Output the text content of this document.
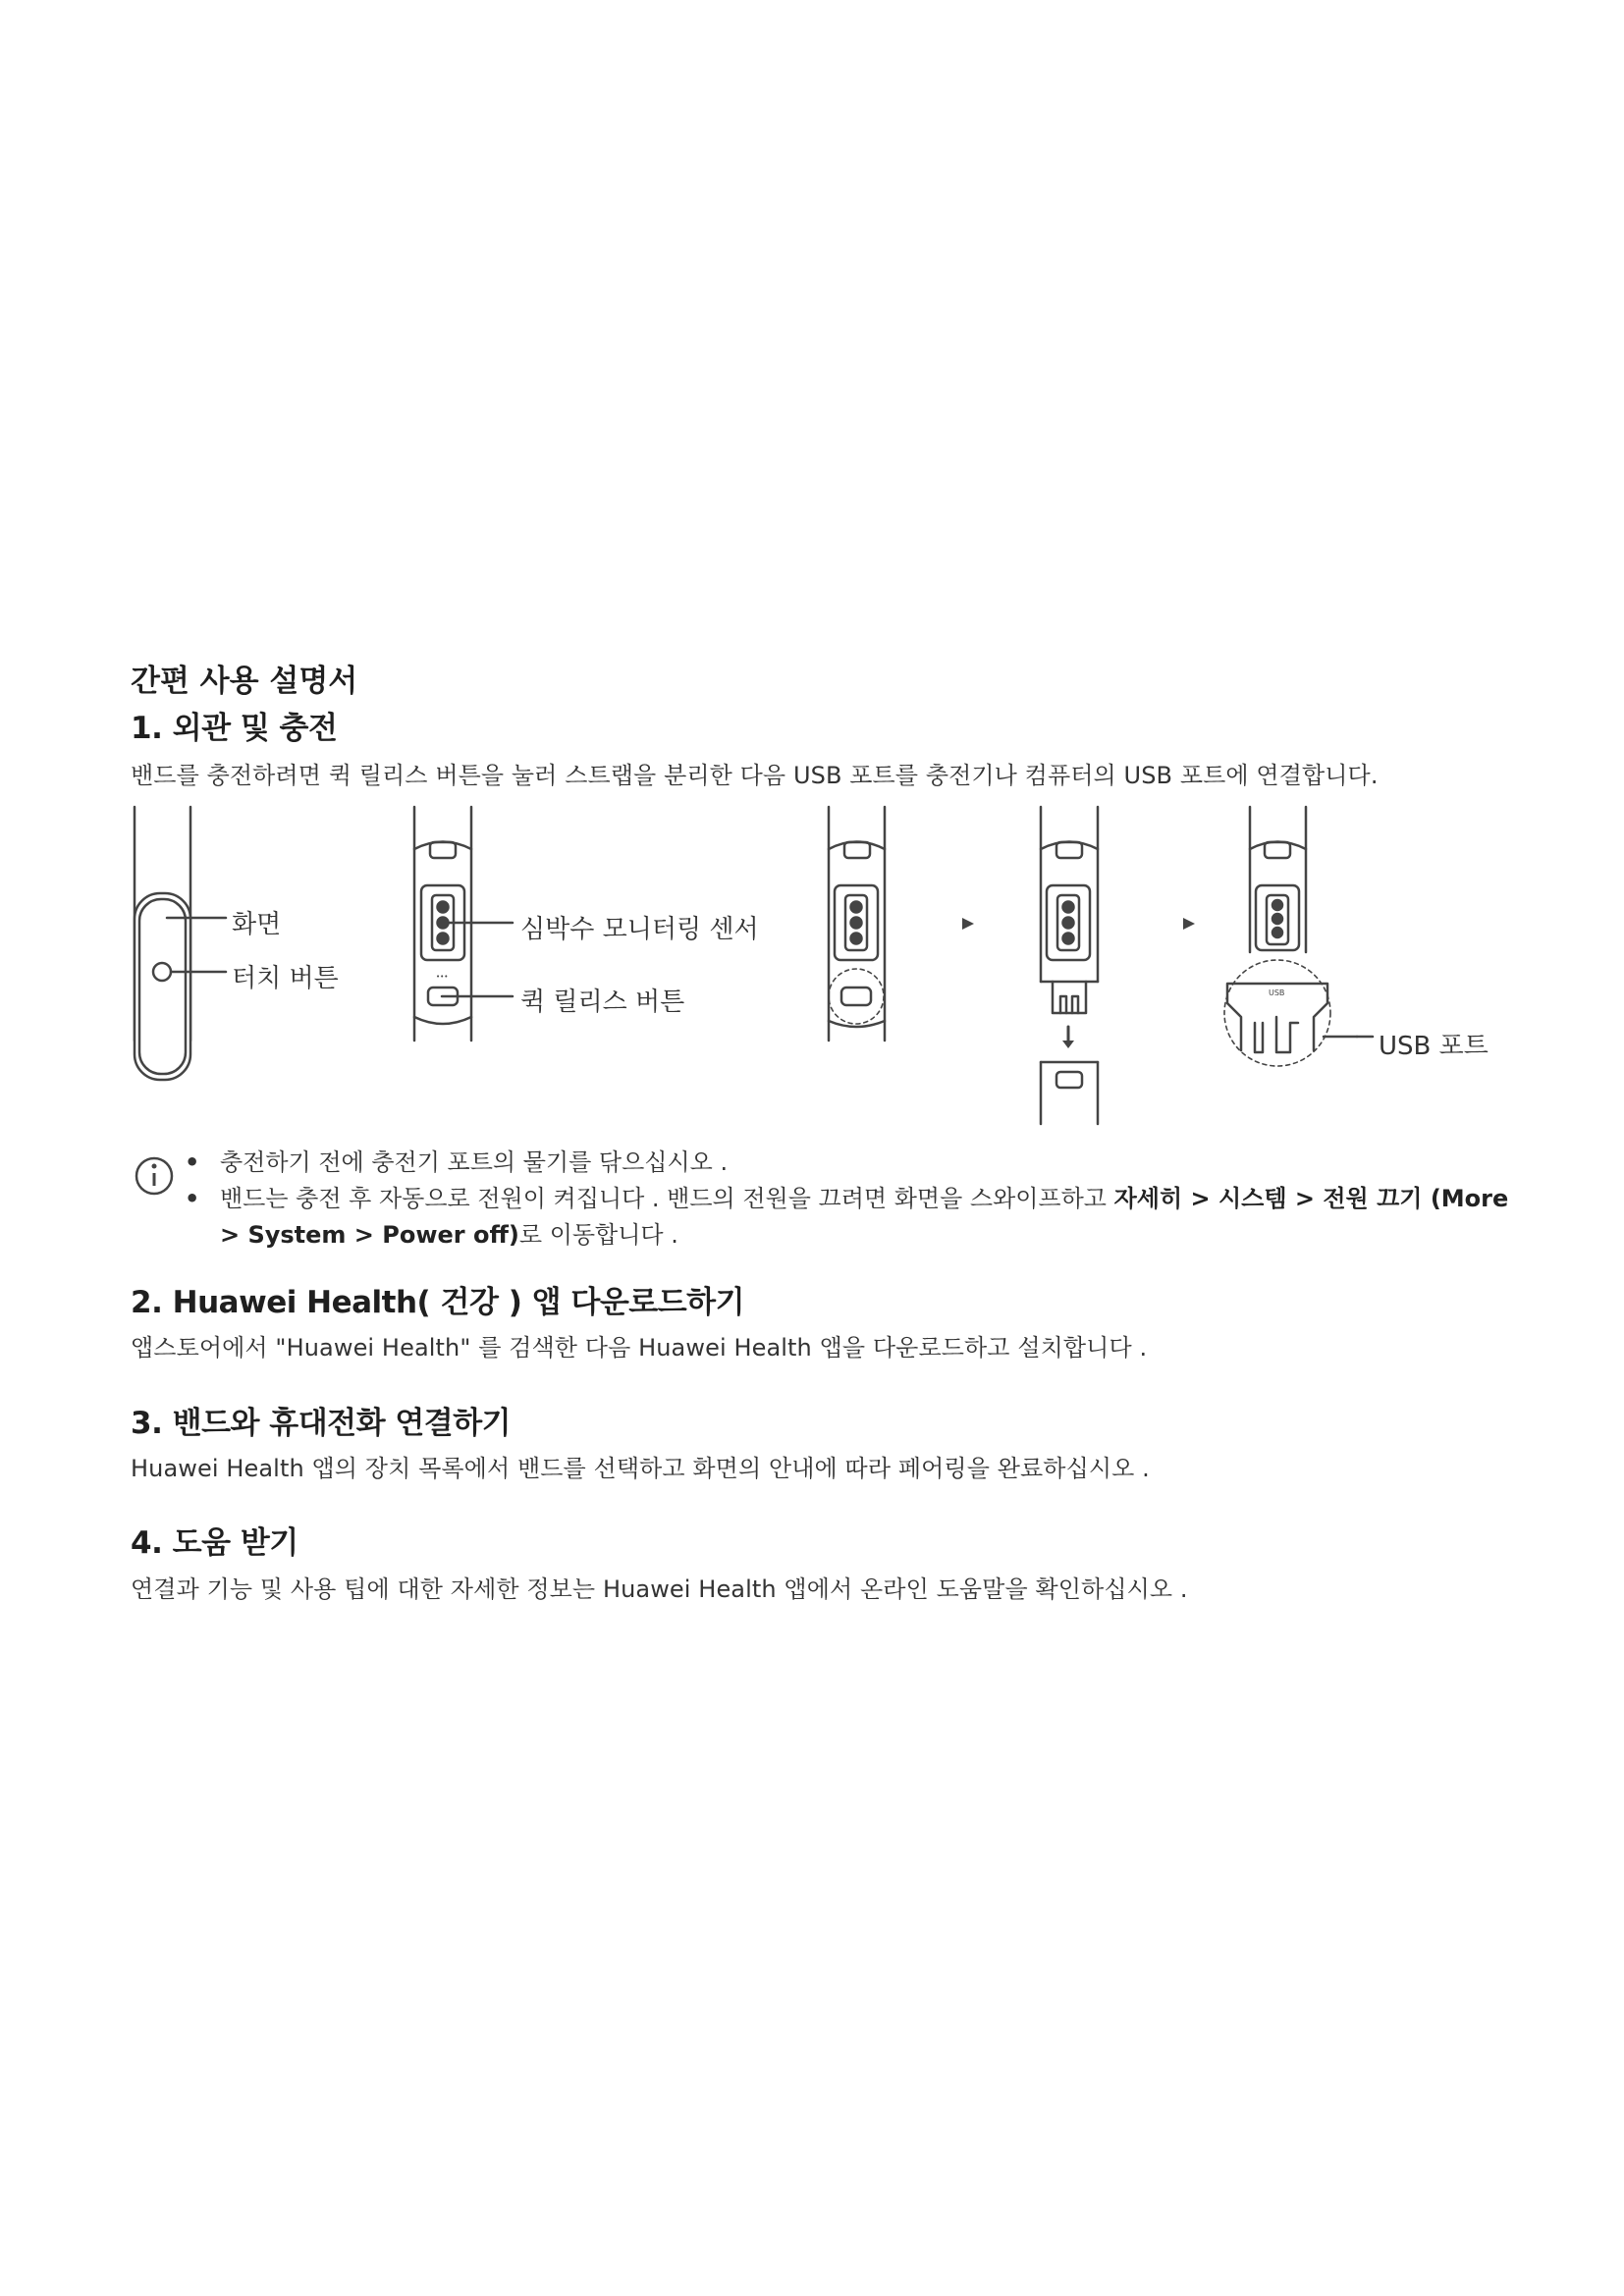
간편 사용 설명서
1. 외관 및 충전
밴드를 충전하려면 퀵 릴리스 버튼을 눌러 스트랩을 분리한 다음 USB 포트를 충전기나 컴퓨터의 USB 포트에 연결합니다.
•••
USB
화면
터치 버튼
심박수 모니터링 센서
퀵 릴리스 버튼
USB 포트
• 충전하기 전에 충전기 포트의 물기를 닦으십시오 .
• 밴드는 충전 후 자동으로 전원이 켜집니다 . 밴드의 전원을 끄려면 화면을 스와이프하고 자세히 > 시스템 > 전원 끄기 (More > System > Power off)로 이동합니다 .
2. Huawei Health( 건강 ) 앱 다운로드하기
앱스토어에서 "Huawei Health" 를 검색한 다음 Huawei Health 앱을 다운로드하고 설치합니다 .
3. 밴드와 휴대전화 연결하기
Huawei Health 앱의 장치 목록에서 밴드를 선택하고 화면의 안내에 따라 페어링을 완료하십시오 .
4. 도움 받기
연결과 기능 및 사용 팁에 대한 자세한 정보는 Huawei Health 앱에서 온라인 도움말을 확인하십시오 .
